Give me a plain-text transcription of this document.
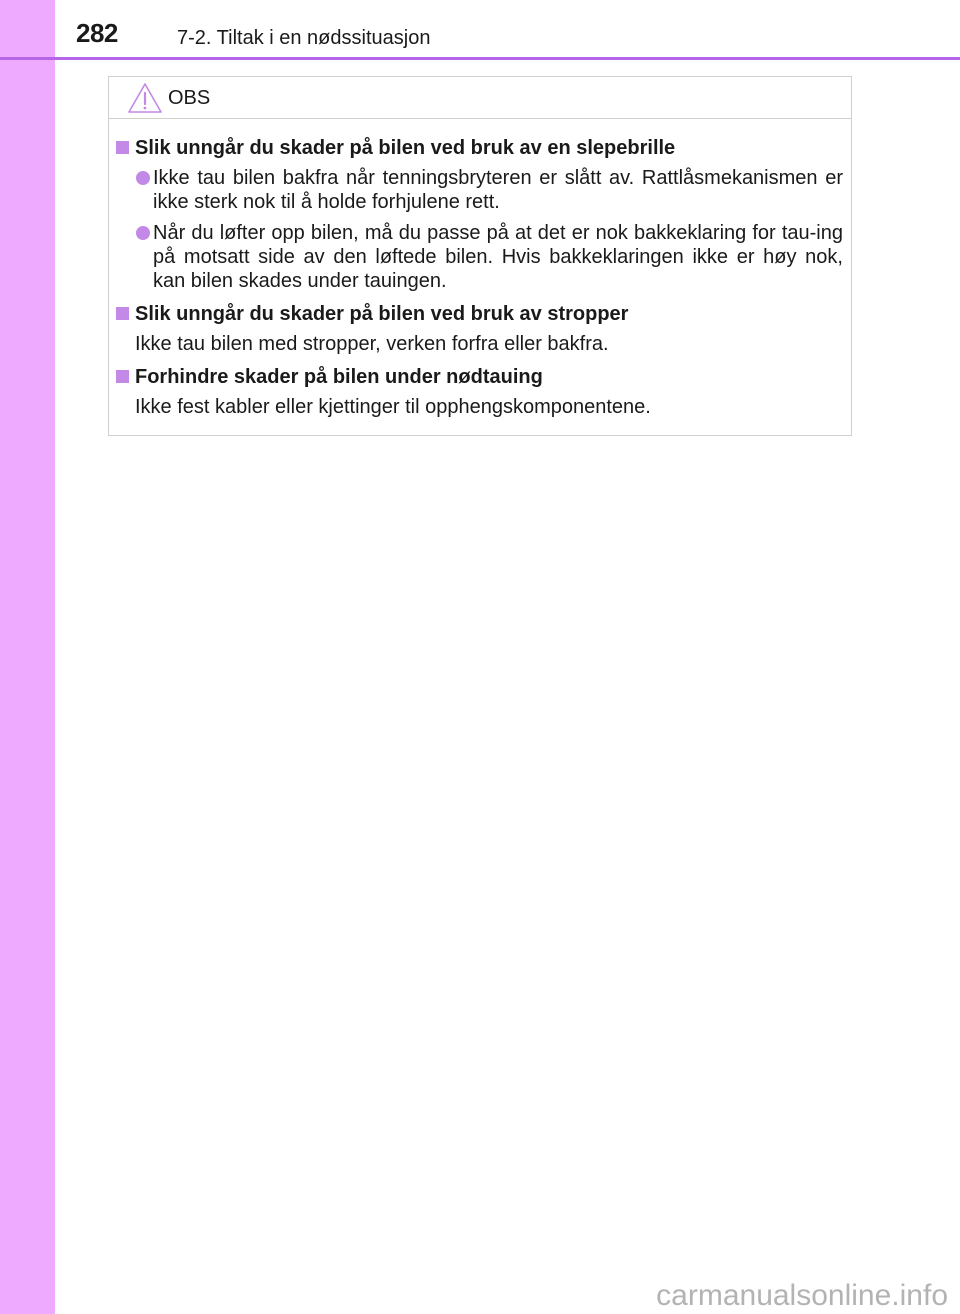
282	7-2. Tiltak i en nødssituasjon
OBS
Slik unngår du skader på bilen ved bruk av en slepebrille
Ikke tau bilen bakfra når tenningsbryteren er slått av. Rattlåsmekanismen er ikke sterk nok til å holde forhjulene rett.
Når du løfter opp bilen, må du passe på at det er nok bakkeklaring for tau-ing på motsatt side av den løftede bilen. Hvis bakkeklaringen ikke er høy nok, kan bilen skades under tauingen.
Slik unngår du skader på bilen ved bruk av stropper
Ikke tau bilen med stropper, verken forfra eller bakfra.
Forhindre skader på bilen under nødtauing
Ikke fest kabler eller kjettinger til opphengskomponentene.
carmanualsonline.info
